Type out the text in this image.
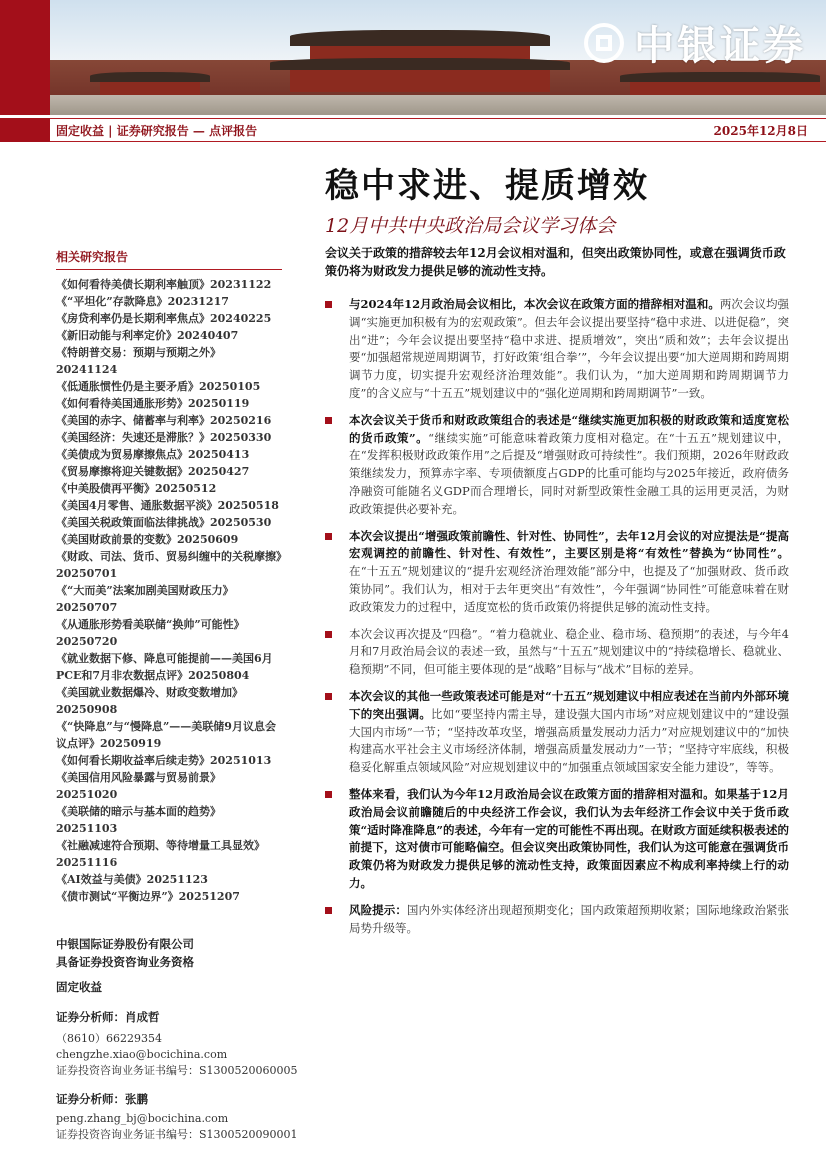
中银证券
固定收益 | 证券研究报告 — 点评报告	2025年12月8日
稳中求进、提质增效
12月中共中央政治局会议学习体会
相关研究报告
《如何看待美债长期利率触顶》20231122
《“平坦化”存款降息》20231217
《房贷利率仍是长期利率焦点》20240225
《新旧动能与利率定价》20240407
《特朗普交易：预期与预期之外》20241124
《低通胀惯性仍是主要矛盾》20250105
《如何看待美国通胀形势》20250119
《美国的赤字、储蓄率与利率》20250216
《美国经济：失速还是滞胀？》20250330
《美债成为贸易摩擦焦点》20250413
《贸易摩擦将迎关键数据》20250427
《中美股债再平衡》20250512
《美国4月零售、通胀数据平淡》20250518
《美国关税政策面临法律挑战》20250530
《美国财政前景的变数》20250609
《财政、司法、货币、贸易纠缠中的关税摩擦》20250701
《“大而美”法案加剧美国财政压力》20250707
《从通胀形势看美联储“换帅”可能性》20250720
《就业数据下修、降息可能提前——美国6月PCE和7月非农数据点评》20250804
《美国就业数据爆冷、财政变数增加》20250908
《“快降息”与“慢降息”——美联储9月议息会议点评》20250919
《如何看长期收益率后续走势》20251013
《美国信用风险暴露与贸易前景》20251020
《美联储的暗示与基本面的趋势》20251103
《社融减速符合预期、等待增量工具显效》20251116
《AI效益与美债》20251123
《债市测试“平衡边界”》20251207
中银国际证券股份有限公司
具备证券投资咨询业务资格
固定收益
证券分析师：肖成哲
（8610）66229354
chengzhe.xiao@bocichina.com
证券投资咨询业务证书编号：S1300520060005
证券分析师：张鹏
peng.zhang_bj@bocichina.com
证券投资咨询业务证书编号：S1300520090001
会议关于政策的措辞较去年12月会议相对温和，但突出政策协同性，或意在强调货币政策仍将为财政发力提供足够的流动性支持。
与2024年12月政治局会议相比，本次会议在政策方面的措辞相对温和。两次会议均强调“实施更加积极有为的宏观政策”。但去年会议提出要坚持“稳中求进、以进促稳”，突出“进”；今年会议提出要坚持“稳中求进、提质增效”，突出“质和效”；去年会议提出要“加强超常规逆周期调节，打好政策‘组合拳’”，今年会议提出要“加大逆周期和跨周期调节力度，切实提升宏观经济治理效能”。我们认为，“加大逆周期和跨周期调节力度”的含义应与“十五五”规划建议中的“强化逆周期和跨周期调节”一致。
本次会议关于货币和财政政策组合的表述是“继续实施更加积极的财政政策和适度宽松的货币政策”。“继续实施”可能意味着政策力度相对稳定。在“十五五”规划建议中，在“发挥积极财政政策作用”之后提及“增强财政可持续性”。我们预期，2026年财政政策继续发力，预算赤字率、专项债额度占GDP的比重可能均与2025年接近，政府债务净融资可能随名义GDP而合理增长，同时对新型政策性金融工具的运用更灵活，为财政政策提供必要补充。
本次会议提出“增强政策前瞻性、针对性、协同性”，去年12月会议的对应提法是“提高宏观调控的前瞻性、针对性、有效性”，主要区别是将“有效性”替换为“协同性”。在“十五五”规划建议的“提升宏观经济治理效能”部分中，也提及了“加强财政、货币政策协同”。我们认为，相对于去年更突出“有效性”，今年强调“协同性”可能意味着在财政政策发力的过程中，适度宽松的货币政策仍将提供足够的流动性支持。
本次会议再次提及“四稳”。“着力稳就业、稳企业、稳市场、稳预期”的表述，与今年4月和7月政治局会议的表述一致，虽然与“十五五”规划建议中的“持续稳增长、稳就业、稳预期”不同，但可能主要体现的是“战略”目标与“战术”目标的差异。
本次会议的其他一些政策表述可能是对“十五五”规划建议中相应表述在当前内外部环境下的突出强调。比如“要坚持内需主导，建设强大国内市场”对应规划建议中的“建设强大国内市场”一节；“坚持改革攻坚，增强高质量发展动力活力”对应规划建议中的“加快构建高水平社会主义市场经济体制，增强高质量发展动力”一节；“坚持守牢底线，积极稳妥化解重点领域风险”对应规划建议中的“加强重点领域国家安全能力建设”，等等。
整体来看，我们认为今年12月政治局会议在政策方面的措辞相对温和。如果基于12月政治局会议前瞻随后的中央经济工作会议，我们认为去年经济工作会议中关于货币政策“适时降准降息”的表述，今年有一定的可能性不再出现。在财政方面延续积极表述的前提下，这对债市可能略偏空。但会议突出政策协同性，我们认为这可能意在强调货币政策仍将为财政发力提供足够的流动性支持，政策面因素应不构成利率持续上行的动力。
风险提示：国内外实体经济出现超预期变化；国内政策超预期收紧；国际地缘政治紧张局势升级等。
